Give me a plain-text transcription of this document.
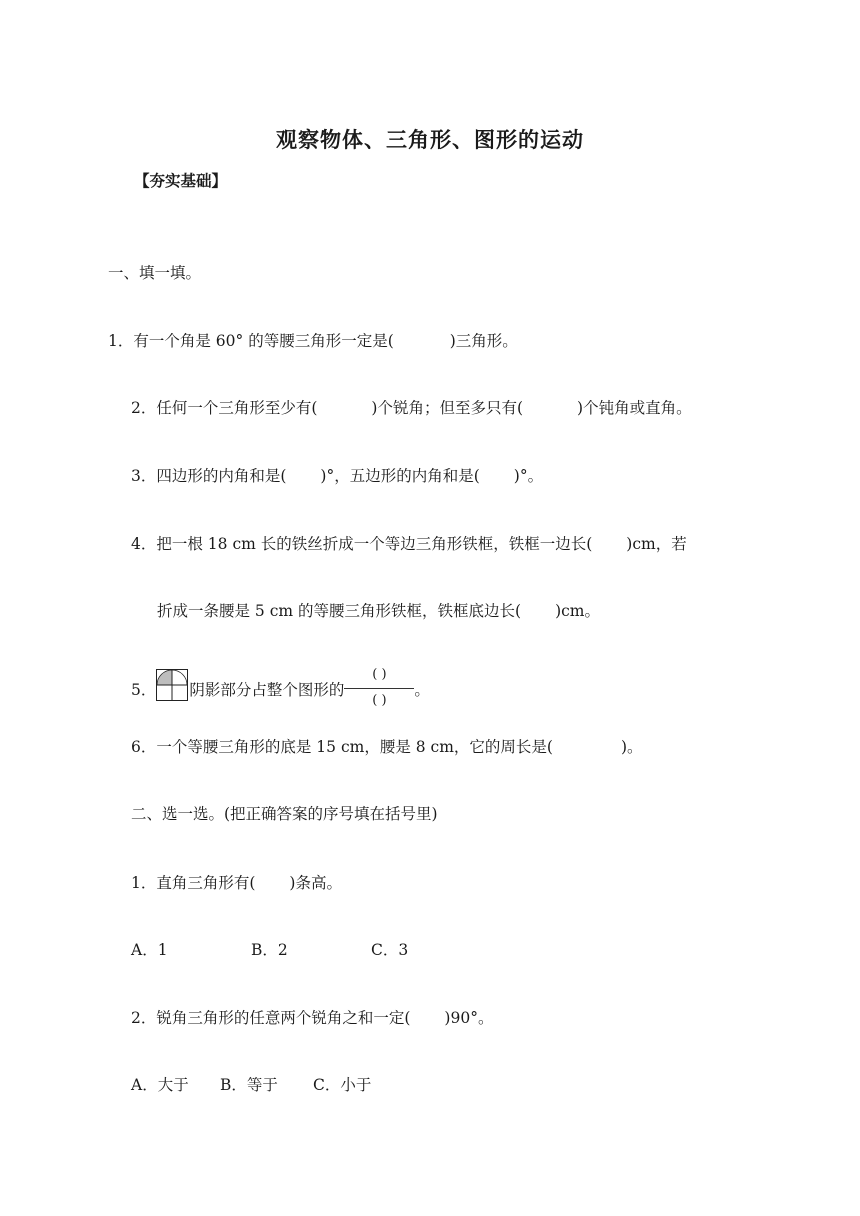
观察物体、三角形、图形的运动
【夯实基础】
一、填一填。
1．有一个角是 60° 的等腰三角形一定是(	)三角形。
2．任何一个三角形至少有(	)个锐角；但至多只有(	)个钝角或直角。
3．四边形的内角和是( )°，五边形的内角和是( )°。
4．把一根 18 cm 长的铁丝折成一个等边三角形铁框，铁框一边长( )cm，若
折成一条腰是 5 cm 的等腰三角形铁框，铁框底边长( )cm。
5． 阴影部分占整个图形的 $\frac{( )}{( )}$ 。
6．一个等腰三角形的底是 15 cm，腰是 8 cm，它的周长是(	)。
二、选一选。(把正确答案的序号填在括号里)
1．直角三角形有( )条高。
A．1	B．2	C．3
2．锐角三角形的任意两个锐角之和一定( )90°。
A．大于 B．等于 C．小于
